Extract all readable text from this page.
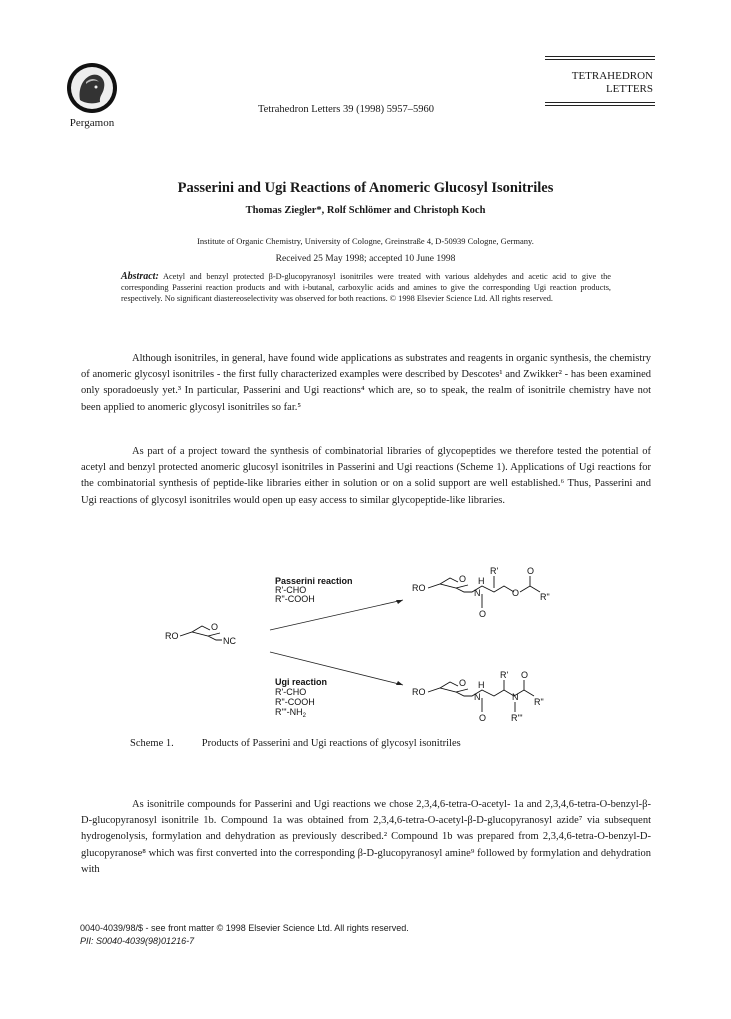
Pergamon
Tetrahedron Letters 39 (1998) 5957–5960
TETRAHEDRON
LETTERS
Passerini and Ugi Reactions of Anomeric Glucosyl Isonitriles
Thomas Ziegler*, Rolf Schlömer and Christoph Koch
Institute of Organic Chemistry, University of Cologne, Greinstraße 4, D-50939 Cologne, Germany.
Received 25 May 1998; accepted 10 June 1998
Abstract: Acetyl and benzyl protected β-D-glucopyranosyl isonitriles were treated with various aldehydes and acetic acid to give the corresponding Passerini reaction products and with i-butanal, carboxylic acids and amines to give the corresponding Ugi reaction products, respectively. No significant diastereoselectivity was observed for both reactions. © 1998 Elsevier Science Ltd. All rights reserved.

Although isonitriles, in general, have found wide applications as substrates and reagents in organic synthesis, the chemistry of anomeric glycosyl isonitriles - the first fully characterized examples were described by Descotes¹ and Zwikker² - has been examined only sporadoeusly yet.³ In particular, Passerini and Ugi reactions⁴ which are, so to speak, the realm of isonitrile chemistry have not been applied to anomeric glycosyl isonitriles so far.⁵

As part of a project toward the synthesis of combinatorial libraries of glycopeptides we therefore tested the potential of acetyl and benzyl protected anomeric glucosyl isonitriles in Passerini and Ugi reactions (Scheme 1). Applications of Ugi reactions for the combinatorial synthesis of peptide-like libraries either in solution or on a solid support are well established.⁶ Thus, Passerini and Ugi reactions of glycosyl isonitriles would open up easy access to similar glycopeptide-like libraries.

Passerini reaction
R'-CHO
R"-COOH
Ugi reaction
R'-CHO
R"-COOH
$R'''-NH_2$
RO
O
NC
RO
O
N
H
O
R'
O
O
R"
RO
O
N
H
O
R'
N
O
R"
R'''
Scheme 1.	Products of Passerini and Ugi reactions of glycosyl isonitriles

As isonitrile compounds for Passerini and Ugi reactions we chose 2,3,4,6-tetra-O-acetyl- 1a and 2,3,4,6-tetra-O-benzyl-β-D-glucopyranosyl isonitrile 1b. Compound 1a was obtained from 2,3,4,6-tetra-O-acetyl-β-D-glucopyranosyl azide⁷ via subsequent hydrogenolysis, formylation and dehydration as previously described.² Compound 1b was prepared from 2,3,4,6-tetra-O-benzyl-D-glucopyranose⁸ which was first converted into the corresponding β-D-glucopyranosyl amine⁹ followed by formylation and dehydration with

0040-4039/98/$ - see front matter © 1998 Elsevier Science Ltd. All rights reserved.
PII: S0040-4039(98)01216-7
